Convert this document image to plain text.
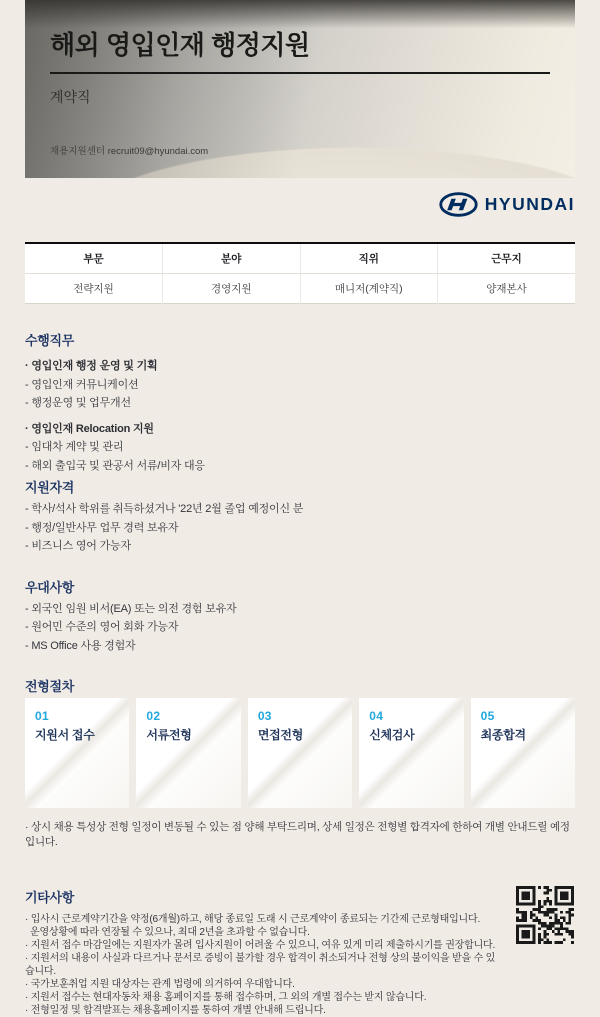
해외 영입인재 행정지원
계약직
채용지원센터 recruit09@hyundai.com
HYUNDAI
부문	분야	직위	근무지
전략지원	경영지원	매니저(계약직)	양재본사
수행직무
· 영입인재 행정 운영 및 기획
- 영입인재 커뮤니케이션
- 행정운영 및 업무개선
· 영입인재 Relocation 지원
- 임대차 계약 및 관리
- 해외 출입국 및 관공서 서류/비자 대응
지원자격
- 학사/석사 학위를 취득하셨거나 '22년 2월 졸업 예정이신 분
- 행정/일반사무 업무 경력 보유자
- 비즈니스 영어 가능자
우대사항
- 외국인 임원 비서(EA) 또는 의전 경험 보유자
- 원어민 수준의 영어 회화 가능자
- MS Office 사용 경험자
전형절차
01
지원서 접수
02
서류전형
03
면접전형
04
신체검사
05
최종합격
· 상시 채용 특성상 전형 일정이 변동될 수 있는 점 양해 부탁드리며, 상세 일정은 전형별 합격자에 한하여 개별 안내드릴 예정입니다.
기타사항
· 입사시 근로계약기간을 약정(6개월)하고, 해당 종료일 도래 시 근로계약이 종료되는 기간제 근로형태입니다.
운영상황에 따라 연장될 수 있으나, 최대 2년을 초과할 수 없습니다.
· 지원서 접수 마감일에는 지원자가 몰려 입사지원이 어려울 수 있으니, 여유 있게 미리 제출하시기를 권장합니다.
· 지원서의 내용이 사실과 다르거나 문서로 증빙이 불가할 경우 합격이 취소되거나 전형 상의 불이익을 받을 수 있습니다.
· 국가보훈취업 지원 대상자는 관계 법령에 의거하여 우대합니다.
· 지원서 접수는 현대자동차 채용 홈페이지를 통해 접수하며, 그 외의 개별 접수는 받지 않습니다.
· 전형일정 및 합격발표는 채용홈페이지를 통하여 개별 안내해 드립니다.
